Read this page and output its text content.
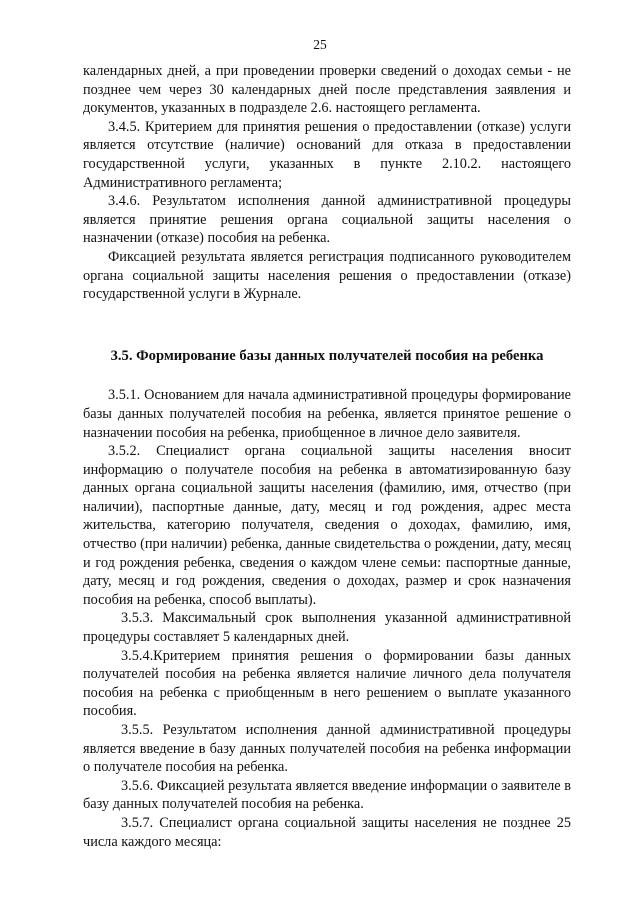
25

календарных дней, а при проведении проверки сведений о доходах семьи - не позднее чем через 30 календарных дней после представления заявления и документов, указанных в подразделе 2.6. настоящего регламента.

3.4.5. Критерием для принятия решения о предоставлении (отказе) услуги является отсутствие (наличие) оснований для отказа в предоставлении государственной услуги, указанных в пункте 2.10.2. настоящего Административного регламента;

3.4.6. Результатом исполнения данной административной процедуры является принятие решения органа социальной защиты населения о назначении (отказе) пособия на ребенка.

Фиксацией результата является регистрация подписанного руководителем органа социальной защиты населения решения о предоставлении (отказе) государственной услуги в Журнале.

3.5. Формирование базы данных получателей пособия на ребенка

3.5.1. Основанием для начала административной процедуры формирование базы данных получателей пособия на ребенка, является принятое решение о назначении пособия на ребенка, приобщенное в личное дело заявителя.

3.5.2. Специалист органа социальной защиты населения вносит информацию о получателе пособия на ребенка в автоматизированную базу данных органа социальной защиты населения (фамилию, имя, отчество (при наличии), паспортные данные, дату, месяц и год рождения, адрес места жительства, категорию получателя, сведения о доходах, фамилию, имя, отчество (при наличии) ребенка, данные свидетельства о рождении, дату, месяц и год рождения ребенка, сведения о каждом члене семьи: паспортные данные, дату, месяц и год рождения, сведения о доходах, размер и срок назначения пособия на ребенка, способ выплаты).

3.5.3. Максимальный срок выполнения указанной административной процедуры составляет 5 календарных дней.

3.5.4.Критерием принятия решения о формировании базы данных получателей пособия на ребенка является наличие личного дела получателя пособия на ребенка с приобщенным в него решением о выплате указанного пособия.

3.5.5. Результатом исполнения данной административной процедуры является введение в базу данных получателей пособия на ребенка информации о получателе пособия на ребенка.

3.5.6. Фиксацией результата является введение информации о заявителе в базу данных получателей пособия на ребенка.

3.5.7. Специалист органа социальной защиты населения не позднее 25 числа каждого месяца:
